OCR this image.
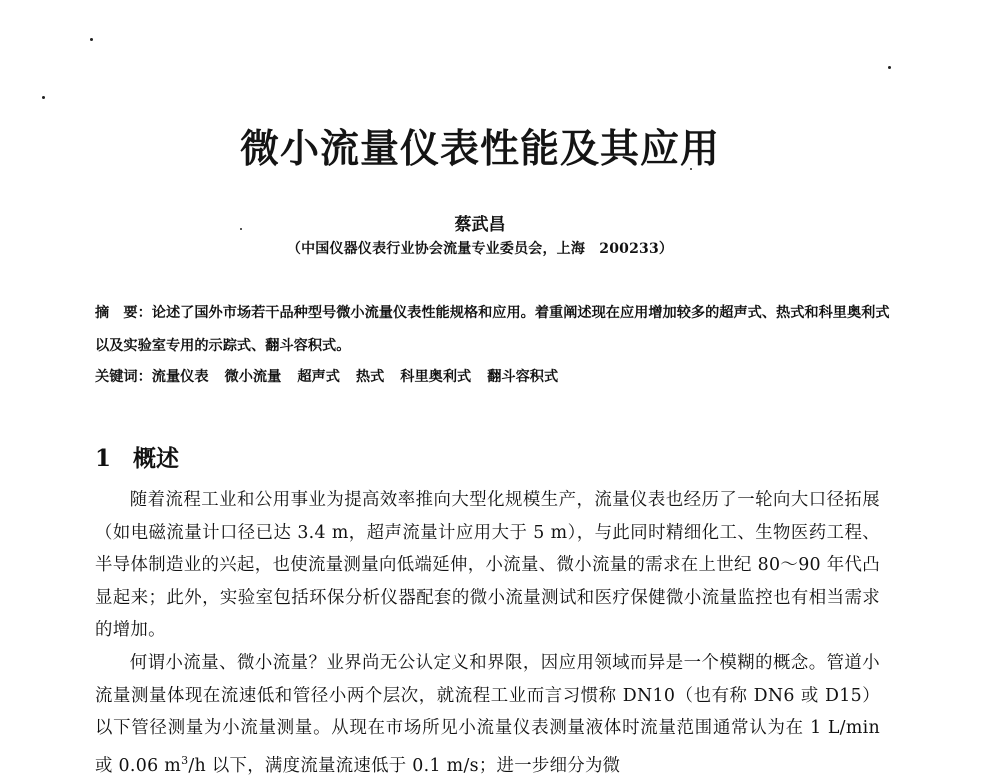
微小流量仪表性能及其应用
蔡武昌
（中国仪器仪表行业协会流量专业委员会，上海　200233）

摘　要：论述了国外市场若干品种型号微小流量仪表性能规格和应用。着重阐述现在应用增加较多的超声式、热式和科里奥利式以及实验室专用的示踪式、翻斗容积式。

关键词：流量仪表 微小流量 超声式 热式 科里奥利式 翻斗容积式

1 概述

随着流程工业和公用事业为提高效率推向大型化规模生产，流量仪表也经历了一轮向大口径拓展（如电磁流量计口径已达 3.4 m，超声流量计应用大于 5 m），与此同时精细化工、生物医药工程、半导体制造业的兴起，也使流量测量向低端延伸，小流量、微小流量的需求在上世纪 80～90 年代凸显起来；此外，实验室包括环保分析仪器配套的微小流量测试和医疗保健微小流量监控也有相当需求的增加。

何谓小流量、微小流量？业界尚无公认定义和界限，因应用领域而异是一个模糊的概念。管道小流量测量体现在流速低和管径小两个层次，就流程工业而言习惯称 DN10（也有称 DN6 或 D15）以下管径测量为小流量测量。从现在市场所见小流量仪表测量液体时流量范围通常认为在 1 L/min 或 0.06 $m^3/h$ 以下，满度流量流速低于 0.1 m/s；进一步细分为微
